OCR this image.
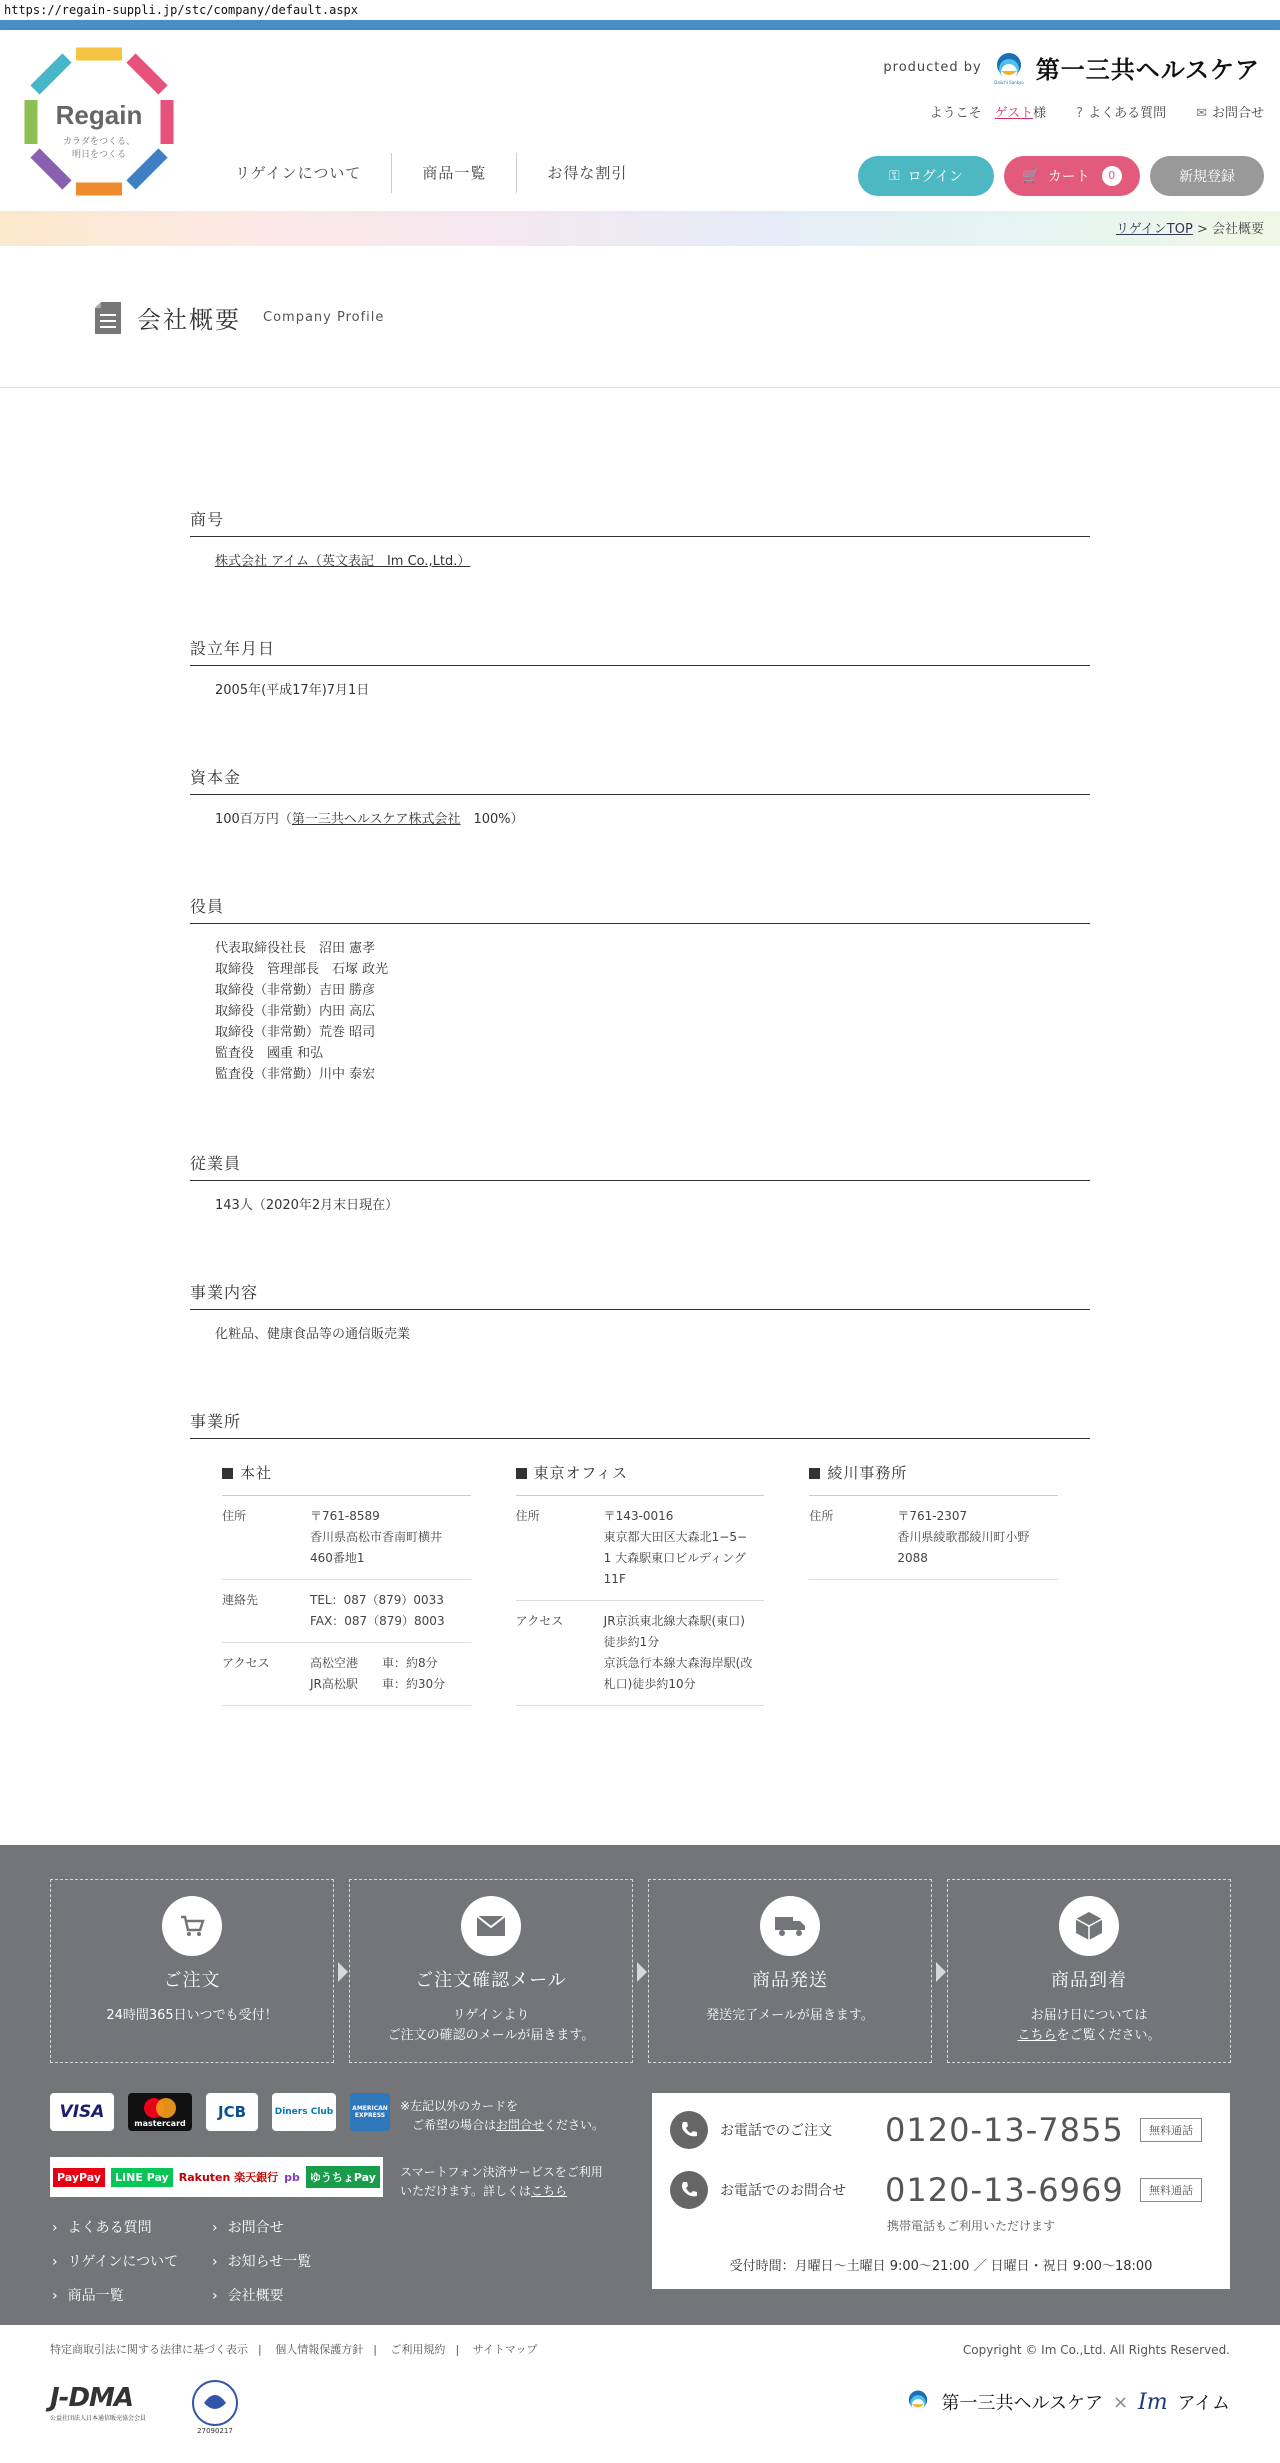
https://regain-suppli.jp/stc/company/default.aspx
Regain
カラダをつくる、
明日をつくる
producted by
Daiichi Sankyo 第一三共ヘルスケア
ようこそ　 ゲスト様 ? よくある質問 ✉ お問合せ
リゲインについて	商品一覧	お得な割引	⚿ ログイン	🛒 カート	0	新規登録
リゲインTOP > 会社概要
会社概要 Company Profile
商号
株式会社 アイム（英文表記　Im Co.,Ltd.）
設立年月日
2005年(平成17年)7月1日
資本金
100百万円（第一三共ヘルスケア株式会社　100%）
役員
代表取締役社長　沼田 憲孝
取締役　管理部長　石塚 政光
取締役（非常勤）吉田 勝彦
取締役（非常勤）内田 高広
取締役（非常勤）荒巻 昭司
監査役　國重 和弘
監査役（非常勤）川中 泰宏
従業員
143人（2020年2月末日現在）
事業内容
化粧品、健康食品等の通信販売業
事業所
本社
住所	〒761-8589
香川県高松市香南町横井
460番地1
連絡先	TEL：087（879）0033
FAX：087（879）8003
アクセス	高松空港　　車：約8分
JR高松駅　　車：約30分
東京オフィス
住所	〒143-0016
東京都大田区大森北1−5−
1 大森駅東口ビルディング
11F
アクセス	JR京浜東北線大森駅(東口)
徒歩約1分
京浜急行本線大森海岸駅(改
札口)徒歩約10分
綾川事務所
住所	〒761-2307
香川県綾歌郡綾川町小野
2088
ご注文
24時間365日いつでも受付！
ご注文確認メール
リゲインより
ご注文の確認のメールが届きます。
商品発送
発送完了メールが届きます。
商品到着
お届け日については
こちらをご覧ください。
VISA
mastercard
JCB	Diners Club	AMERICAN EXPRESS
※左記以外のカードを
　ご希望の場合はお問合せください。
PayPay	LINE Pay Rakuten 楽天銀行 pb ゆうちょPay	スマートフォン決済サービスをご利用
いただけます。詳しくはこちら
› よくある質問	› お問合せ
› リゲインについて	› お知らせ一覧
› 商品一覧	› 会社概要
お電話でのご注文	0120-13-7855	無料通話
お電話でのお問合せ	0120-13-6969	無料通話
携帯電話もご利用いただけます
受付時間：月曜日〜土曜日 9:00〜21:00 ／ 日曜日・祝日 9:00〜18:00
特定商取引法に関する法律に基づく表示 | 個人情報保護方針 | ご利用規約 | サイトマップ	Copyright © Im Co.,Ltd. All Rights Reserved.
J-DMA
公益社団法人日本通信販売協会会員
27090217
第一三共ヘルスケア × Im アイム
